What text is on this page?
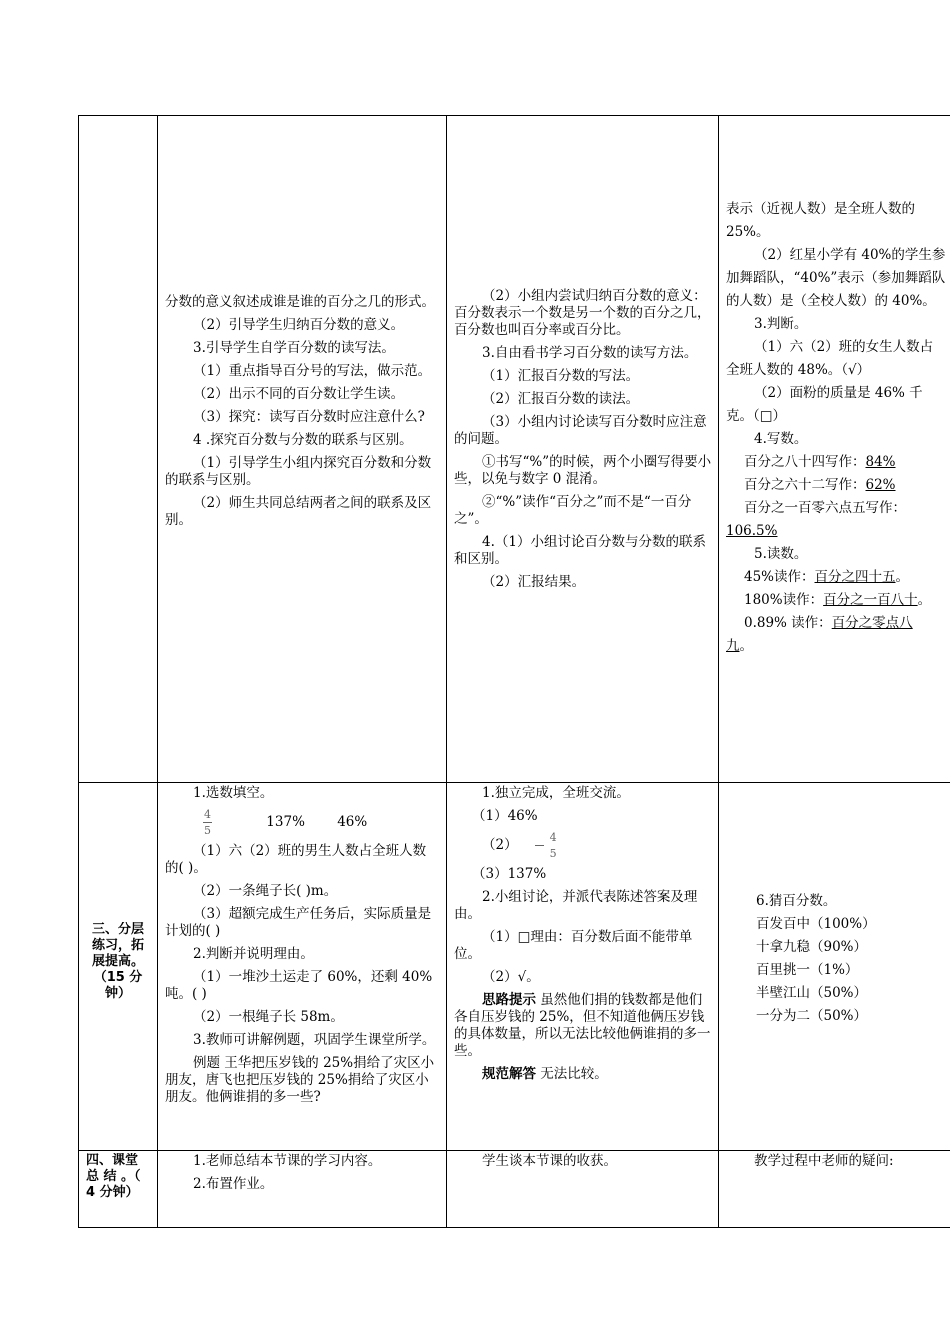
分数的意义叙述成谁是谁的百分之几的形式。

（2）引导学生归纳百分数的意义。

3.引导学生自学百分数的读写法。

（1）重点指导百分号的写法，做示范。

（2）出示不同的百分数让学生读。

（3）探究：读写百分数时应注意什么?

4 .探究百分数与分数的联系与区别。

（1）引导学生小组内探究百分数和分数的联系与区别。

（2）师生共同总结两者之间的联系及区别。

（2）小组内尝试归纳百分数的意义：百分数表示一个数是另一个数的百分之几，百分数也叫百分率或百分比。

3.自由看书学习百分数的读写方法。

（1）汇报百分数的写法。

（2）汇报百分数的读法。

（3）小组内讨论读写百分数时应注意的问题。

①书写“%”的时候，两个小圈写得要小些，以免与数字 0 混淆。

②“%”读作“百分之”而不是“一百分之”。

4.（1）小组讨论百分数与分数的联系和区别。

（2）汇报结果。

表示（近视人数）是全班人数的

25%。

（2）红星小学有 40%的学生参

加舞蹈队，“40%”表示（参加舞蹈队

的人数）是（全校人数）的 40%。

3.判断。

（1）六（2）班的女生人数占

全班人数的 48%。（√）

（2）面粉的质量是 46% 千

克。（□）

4.写数。

百分之八十四写作：84%

百分之六十二写作：62%

百分之一百零六点五写作：

106.5%

5.读数。

45%读作：百分之四十五。

180%读作：百分之一百八十。

0.89% 读作：百分之零点八

九。

三、分层练习，拓展提高。（15 分钟）

1.选数填空。

$\frac{4}{5}$	137% 46%

（1）六（2）班的男生人数占全班人数的( )。

（2）一条绳子长( )m。

（3）超额完成生产任务后，实际质量是计划的( )

2.判断并说明理由。

（1）一堆沙土运走了 60%，还剩 40%吨。( )

（2）一根绳子长 58m。

3.教师可讲解例题，巩固学生课堂所学。

例题 王华把压岁钱的 25%捐给了灾区小朋友，唐飞也把压岁钱的 25%捐给了灾区小朋友。他俩谁捐的多一些?

1.独立完成，全班交流。

（1）46%

$(2) \frac{4}{5}$

（3）137%

2.小组讨论，并派代表陈述答案及理由。

（1）□理由：百分数后面不能带单位。

（2）√。

思路提示 虽然他们捐的钱数都是他们各自压岁钱的 25%，但不知道他俩压岁钱的具体数量，所以无法比较他俩谁捐的多一些。

规范解答 无法比较。

6.猜百分数。

百发百中（100%）

十拿九稳（90%）

百里挑一（1%）

半壁江山（50%）

一分为二（50%）

四、课堂总 结 。（ 4 分钟）

1.老师总结本节课的学习内容。

2.布置作业。

学生谈本节课的收获。	教学过程中老师的疑问:
